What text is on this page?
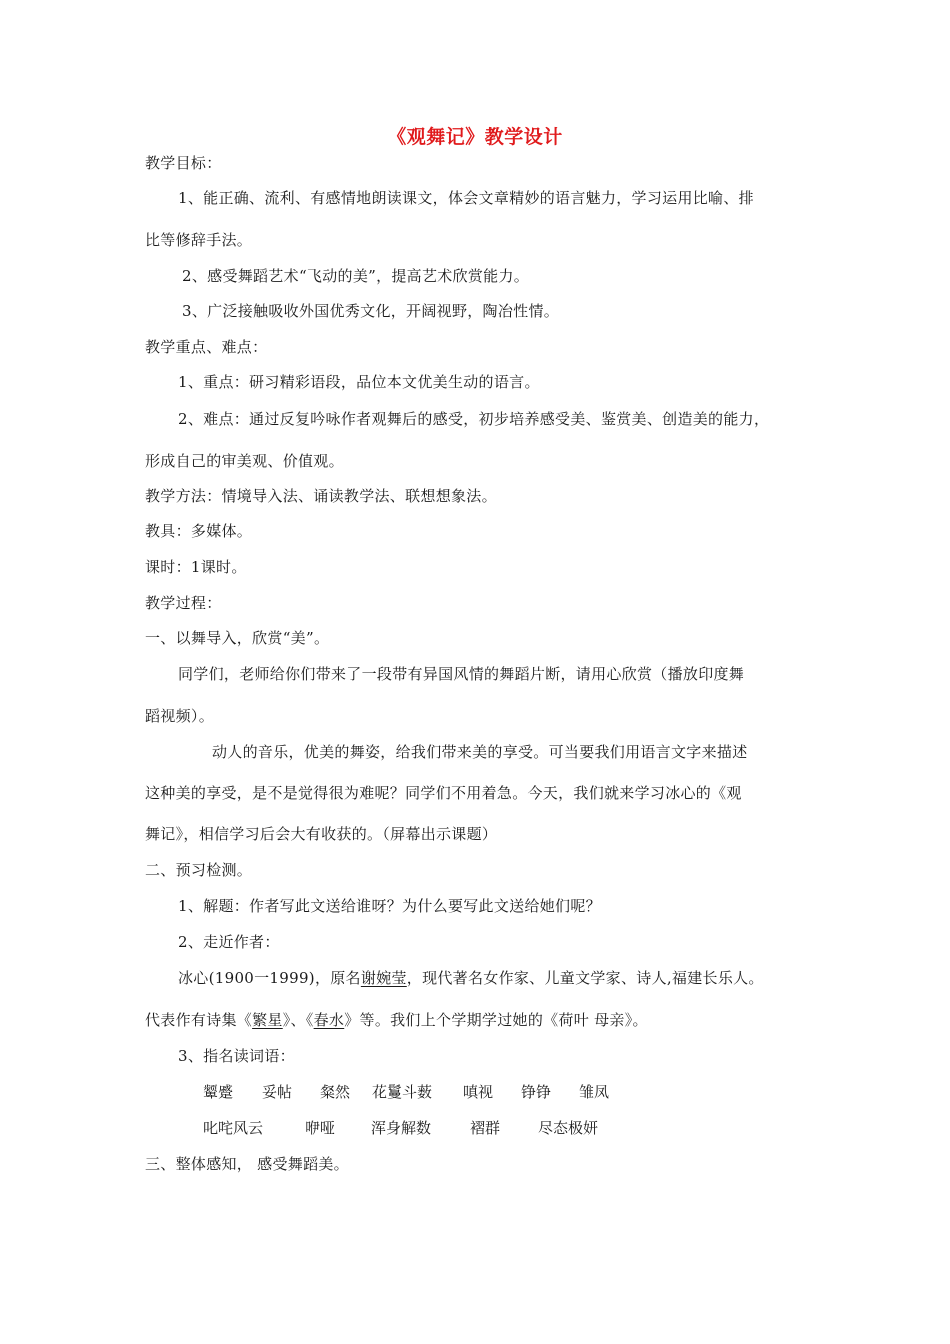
《观舞记》教学设计
教学目标：
1、能正确、流利、有感情地朗读课文，体会文章精妙的语言魅力，学习运用比喻、排
比等修辞手法。
2、感受舞蹈艺术“飞动的美”，提高艺术欣赏能力。
3、广泛接触吸收外国优秀文化，开阔视野，陶冶性情。
教学重点、难点：
1、重点：研习精彩语段，品位本文优美生动的语言。
2、难点：通过反复吟咏作者观舞后的感受，初步培养感受美、鉴赏美、创造美的能力，
形成自己的审美观、价值观。
教学方法：情境导入法、诵读教学法、联想想象法。
教具：多媒体。
课时：1课时。
教学过程：
一、以舞导入，欣赏“美”。
同学们，老师给你们带来了一段带有异国风情的舞蹈片断，请用心欣赏（播放印度舞
蹈视频）。
动人的音乐，优美的舞姿，给我们带来美的享受。可当要我们用语言文字来描述
这种美的享受，是不是觉得很为难呢？同学们不用着急。今天，我们就来学习冰心的《观
舞记》，相信学习后会大有收获的。（屏幕出示课题）
二、预习检测。
1、解题：作者写此文送给谁呀？为什么要写此文送给她们呢？
2、走近作者：
冰心(1900一1999)，原名谢婉莹，现代著名女作家、儿童文学家、诗人,福建长乐人。
代表作有诗集《繁星》、《春水》等。我们上个学期学过她的《荷叶 母亲》。
3、指名读词语：
颦蹙 妥帖 粲然 花鬘斗薮 嗔视 铮铮 雏凤
叱咤风云	咿哑 浑身解数	褶群	尽态极妍
三、整体感知， 感受舞蹈美。
